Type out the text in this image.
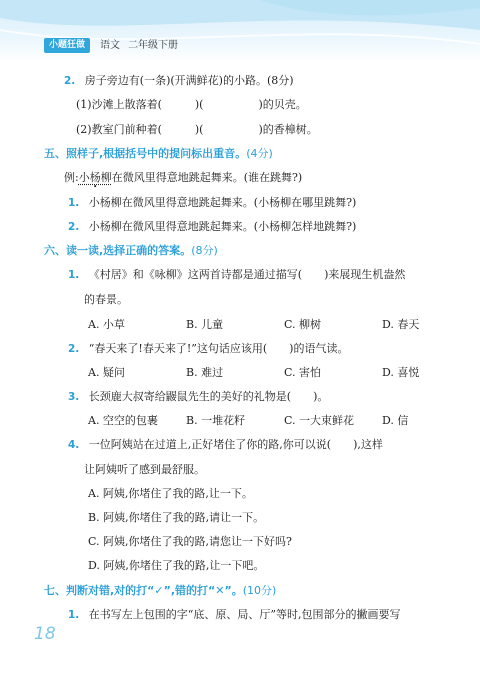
小题狂做	语文 二年级下册
2. 房子旁边有(一条)(开满鲜花)的小路。(8分)
(1)沙滩上散落着(　　　)(　　　　　)的贝壳。
(2)教室门前种着(　　　)(　　　　　)的香樟树。
五、照样子,根据括号中的提问标出重音。(4分)
例:小杨柳在微风里得意地跳起舞来。(谁在跳舞?)
1. 小杨柳在微风里得意地跳起舞来。(小杨柳在哪里跳舞?)
2. 小杨柳在微风里得意地跳起舞来。(小杨柳怎样地跳舞?)
六、读一读,选择正确的答案。(8分)
1. 《村居》和《咏柳》这两首诗都是通过描写(　　)来展现生机盎然
的春景。
A. 小草	B. 儿童	C. 柳树	D. 春天
2. “春天来了!春天来了!”这句话应该用(　　)的语气读。
A. 疑问	B. 难过	C. 害怕	D. 喜悦
3. 长颈鹿大叔寄给鼹鼠先生的美好的礼物是(　　)。
A. 空空的包裹	B. 一堆花籽	C. 一大束鲜花	D. 信
4. 一位阿姨站在过道上,正好堵住了你的路,你可以说(　　),这样
让阿姨听了感到最舒服。
A. 阿姨,你堵住了我的路,让一下。
B. 阿姨,你堵住了我的路,请让一下。
C. 阿姨,你堵住了我的路,请您让一下好吗?
D. 阿姨,你堵住了我的路,让一下吧。
七、判断对错,对的打“✓”,错的打“✕”。(10分)
1. 在书写左上包围的字“底、原、局、厅”等时,包围部分的撇画要写
18
